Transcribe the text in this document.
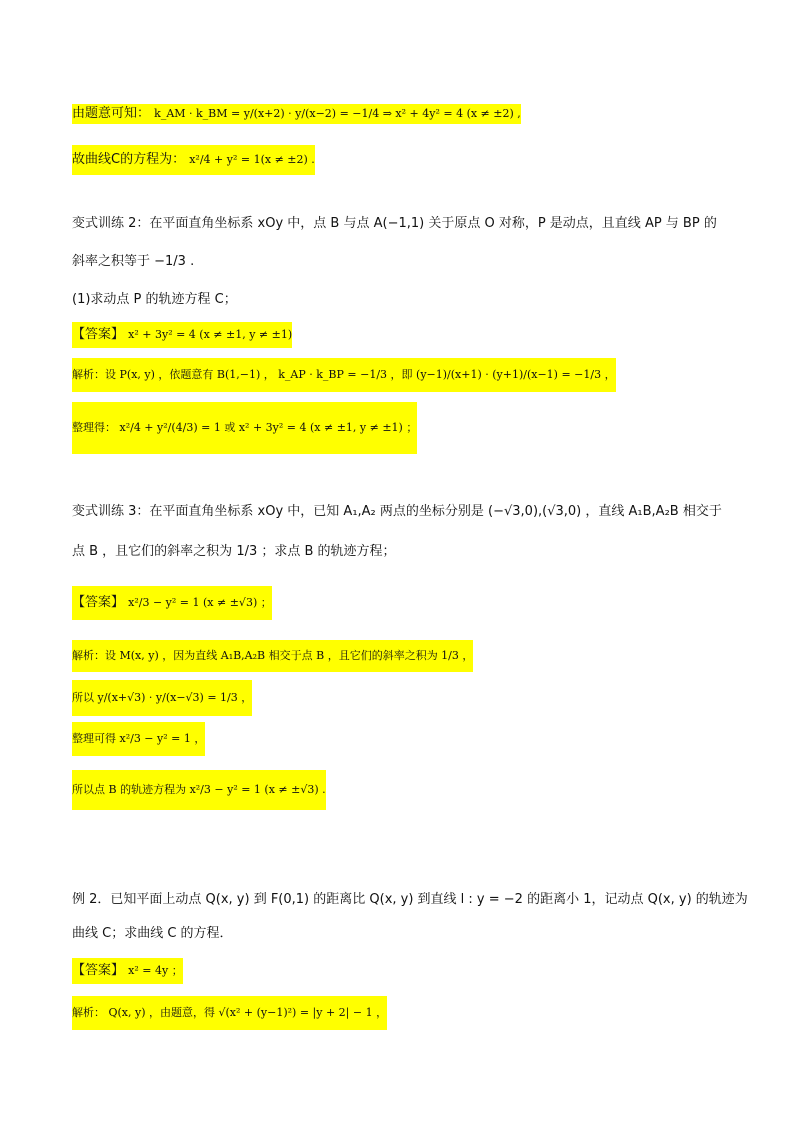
由题意可知： k_AM · k_BM = y/(x+2) · y/(x−2) = −1/4 ⇒ x² + 4y² = 4 (x ≠ ±2) ,
故曲线C的方程为： x²/4 + y² = 1(x ≠ ±2) .
变式训练 2：在平面直角坐标系 xOy 中，点 B 与点 A(−1,1) 关于原点 O 对称，P 是动点，且直线 AP 与 BP 的
斜率之积等于 −1/3 .
(1)求动点 P 的轨迹方程 C；
【答案】 x² + 3y² = 4 (x ≠ ±1, y ≠ ±1)
解析：设 P(x, y) ，依题意有 B(1,−1) ， k_AP · k_BP = −1/3 ，即 (y−1)/(x+1) · (y+1)/(x−1) = −1/3 ，
整理得： x²/4 + y²/(4/3) = 1 或 x² + 3y² = 4 (x ≠ ±1, y ≠ ±1) ；
变式训练 3：在平面直角坐标系 xOy 中，已知 A₁,A₂ 两点的坐标分别是 (−√3,0),(√3,0) ，直线 A₁B,A₂B 相交于
点 B ，且它们的斜率之积为 1/3 ；求点 B 的轨迹方程；
【答案】 x²/3 − y² = 1 (x ≠ ±√3) ；
解析：设 M(x, y) ，因为直线 A₁B,A₂B 相交于点 B ，且它们的斜率之积为 1/3 ，
所以 y/(x+√3) · y/(x−√3) = 1/3 ，
整理可得 x²/3 − y² = 1 ，
所以点 B 的轨迹方程为 x²/3 − y² = 1 (x ≠ ±√3) .
例 2．已知平面上动点 Q(x, y) 到 F(0,1) 的距离比 Q(x, y) 到直线 l : y = −2 的距离小 1，记动点 Q(x, y) 的轨迹为
曲线 C；求曲线 C 的方程．
【答案】 x² = 4y ；
解析： Q(x, y) ，由题意，得 √(x² + (y−1)²) = |y + 2| − 1 ，
